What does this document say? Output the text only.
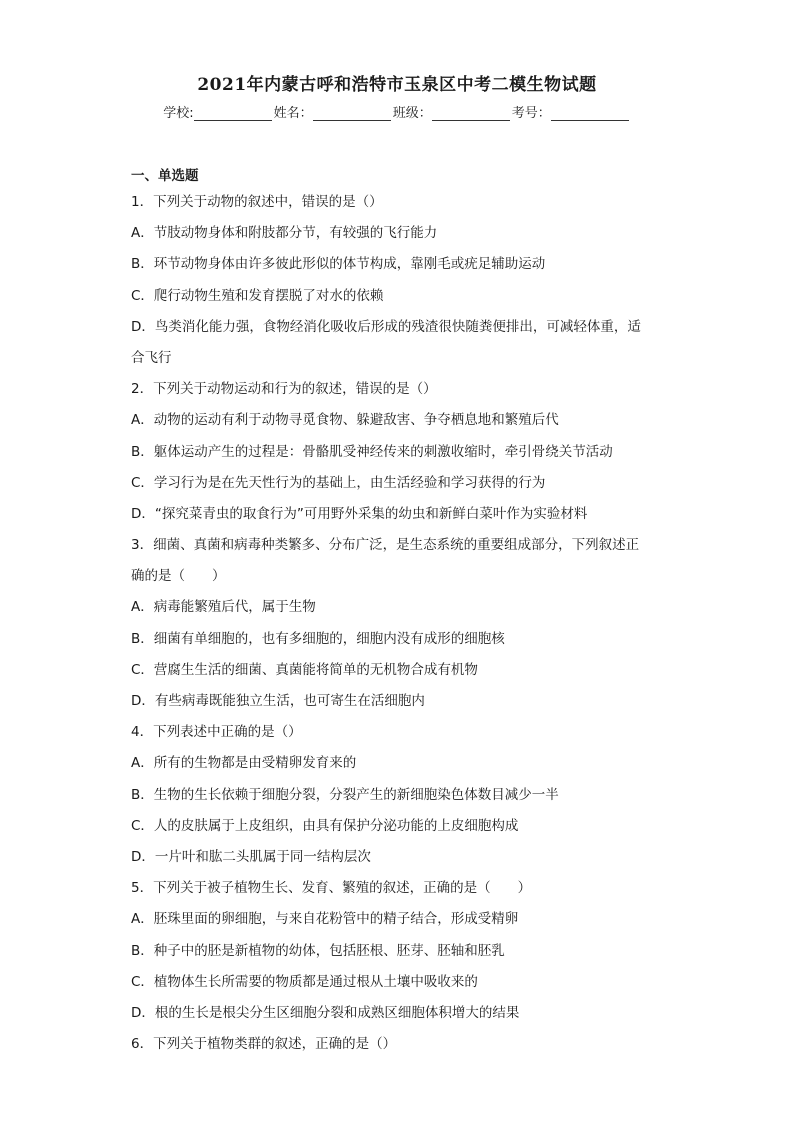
2021年内蒙古呼和浩特市玉泉区中考二模生物试题
学校:	姓名：	班级：	考号：
一、单选题
1．下列关于动物的叙述中，错误的是（）
A．节肢动物身体和附肢都分节，有较强的飞行能力
B．环节动物身体由许多彼此形似的体节构成，靠刚毛或疣足辅助运动
C．爬行动物生殖和发育摆脱了对水的依赖
D．鸟类消化能力强，食物经消化吸收后形成的残渣很快随粪便排出，可减轻体重，适
合飞行
2．下列关于动物运动和行为的叙述，错误的是（）
A．动物的运动有利于动物寻觅食物、躲避敌害、争夺栖息地和繁殖后代
B．躯体运动产生的过程是：骨骼肌受神经传来的刺激收缩时，牵引骨绕关节活动
C．学习行为是在先天性行为的基础上，由生活经验和学习获得的行为
D．“探究菜青虫的取食行为”可用野外采集的幼虫和新鲜白菜叶作为实验材料
3．细菌、真菌和病毒种类繁多、分布广泛，是生态系统的重要组成部分，下列叙述正
确的是（　　）
A．病毒能繁殖后代，属于生物
B．细菌有单细胞的，也有多细胞的，细胞内没有成形的细胞核
C．营腐生生活的细菌、真菌能将简单的无机物合成有机物
D．有些病毒既能独立生活，也可寄生在活细胞内
4．下列表述中正确的是（）
A．所有的生物都是由受精卵发育来的
B．生物的生长依赖于细胞分裂，分裂产生的新细胞染色体数目减少一半
C．人的皮肤属于上皮组织，由具有保护分泌功能的上皮细胞构成
D．一片叶和肱二头肌属于同一结构层次
5．下列关于被子植物生长、发育、繁殖的叙述，正确的是（　　）
A．胚珠里面的卵细胞，与来自花粉管中的精子结合，形成受精卵
B．种子中的胚是新植物的幼体，包括胚根、胚芽、胚轴和胚乳
C．植物体生长所需要的物质都是通过根从土壤中吸收来的
D．根的生长是根尖分生区细胞分裂和成熟区细胞体积增大的结果
6．下列关于植物类群的叙述，正确的是（）
